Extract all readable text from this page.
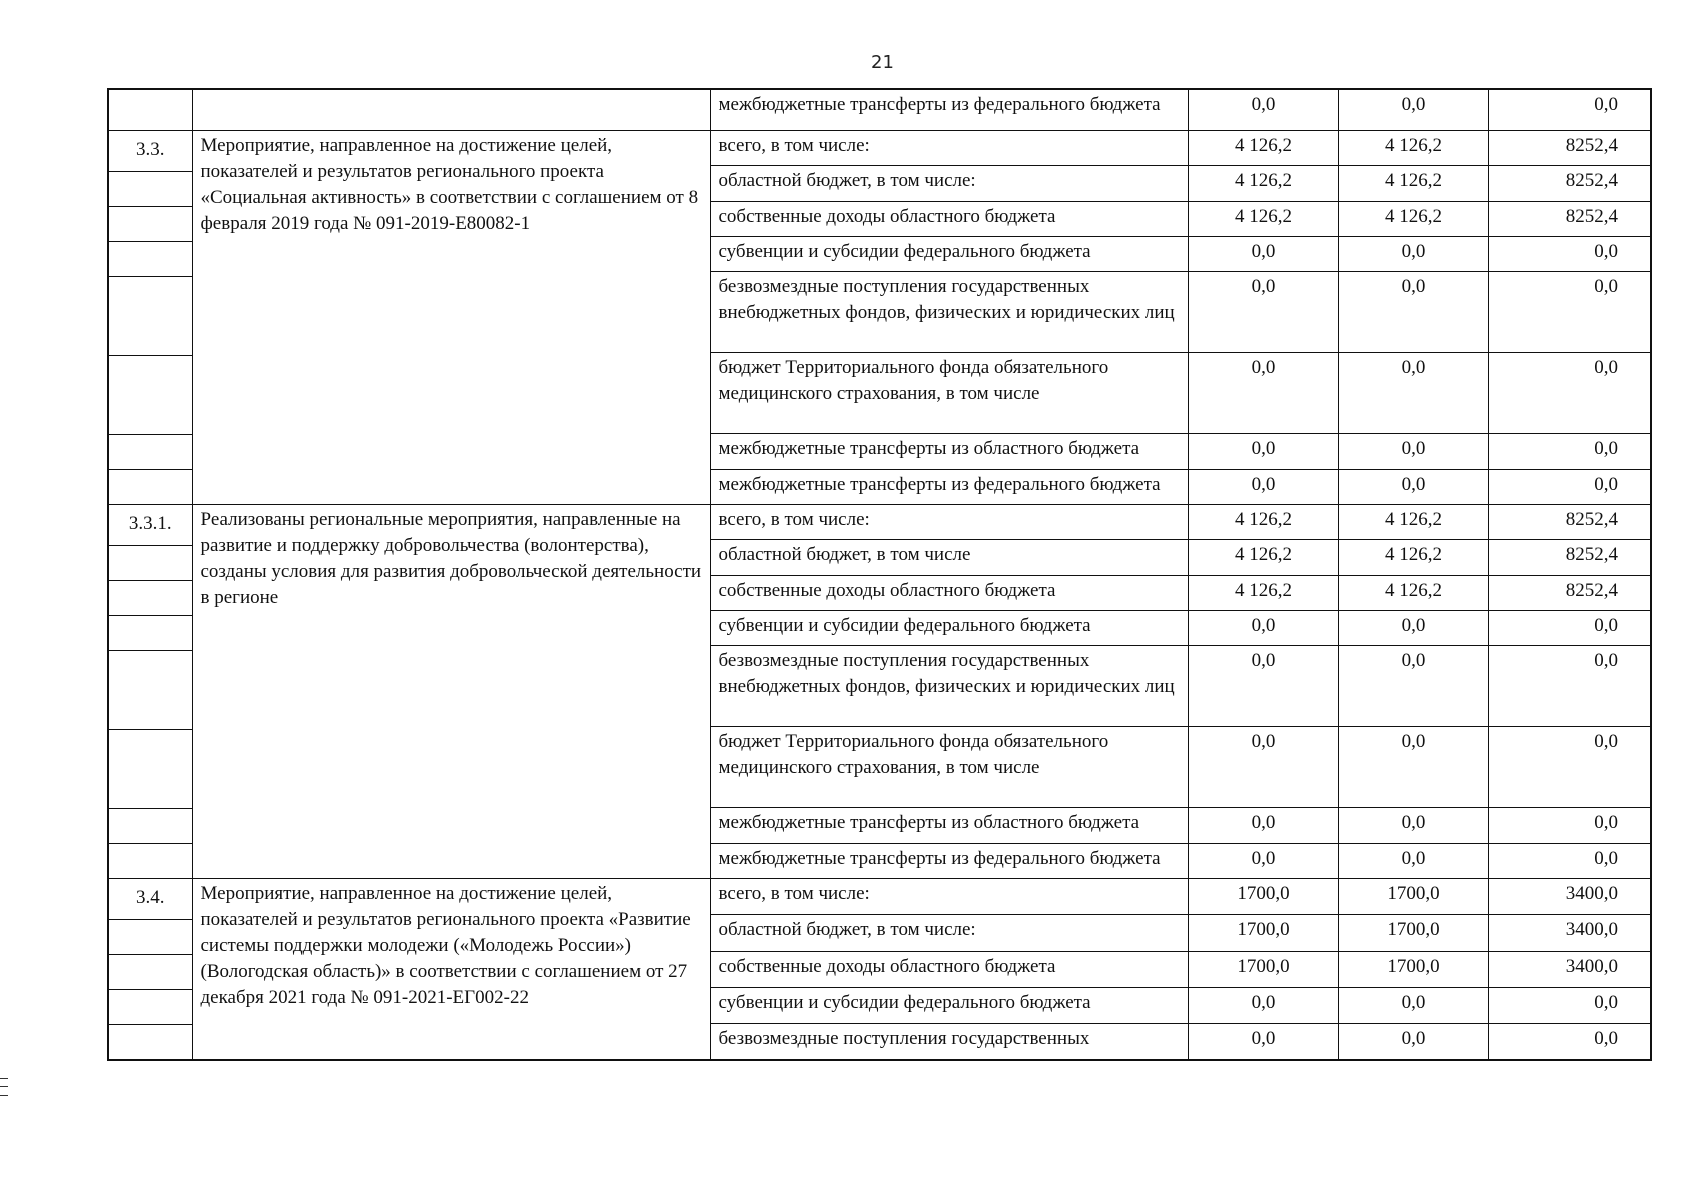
21
		межбюджетные трансферты из федерального бюджета	0,0	0,0	0,0

3.3.	Мероприятие, направленное на достижение целей, показателей и результатов регионального проекта «Социальная активность» в соответствии с соглашением от 8 февраля 2019 года № 091-2019-Е80082-1	всего, в том числе:	4 126,2	4 126,2	8252,4
		областной бюджет, в том числе:	4 126,2	4 126,2	8252,4
		собственные доходы областного бюджета	4 126,2	4 126,2	8252,4
		субвенции и субсидии федерального бюджета	0,0	0,0	0,0
		безвозмездные поступления государственных внебюджетных фондов, физических и юридических лиц	0,0	0,0	0,0
		бюджет Территориального фонда обязательного медицинского страхования, в том числе	0,0	0,0	0,0
		межбюджетные трансферты из областного бюджета	0,0	0,0	0,0
		межбюджетные трансферты из федерального бюджета	0,0	0,0	0,0

3.3.1.	Реализованы региональные мероприятия, направленные на развитие и поддержку добровольчества (волонтерства), созданы условия для развития добровольческой деятельности в регионе	всего, в том числе:	4 126,2	4 126,2	8252,4
		областной бюджет, в том числе	4 126,2	4 126,2	8252,4
		собственные доходы областного бюджета	4 126,2	4 126,2	8252,4
		субвенции и субсидии федерального бюджета	0,0	0,0	0,0
		безвозмездные поступления государственных внебюджетных фондов, физических и юридических лиц	0,0	0,0	0,0
		бюджет Территориального фонда обязательного медицинского страхования, в том числе	0,0	0,0	0,0
		межбюджетные трансферты из областного бюджета	0,0	0,0	0,0
		межбюджетные трансферты из федерального бюджета	0,0	0,0	0,0

3.4.	Мероприятие, направленное на достижение целей, показателей и результатов регионального проекта «Развитие системы поддержки молодежи («Молодежь России») (Вологодская область)» в соответствии с соглашением от 27 декабря 2021 года № 091-2021-ЕГ002-22	всего, в том числе:	1700,0	1700,0	3400,0
		областной бюджет, в том числе:	1700,0	1700,0	3400,0
		собственные доходы областного бюджета	1700,0	1700,0	3400,0
		субвенции и субсидии федерального бюджета	0,0	0,0	0,0
		безвозмездные поступления государственных	0,0	0,0	0,0
